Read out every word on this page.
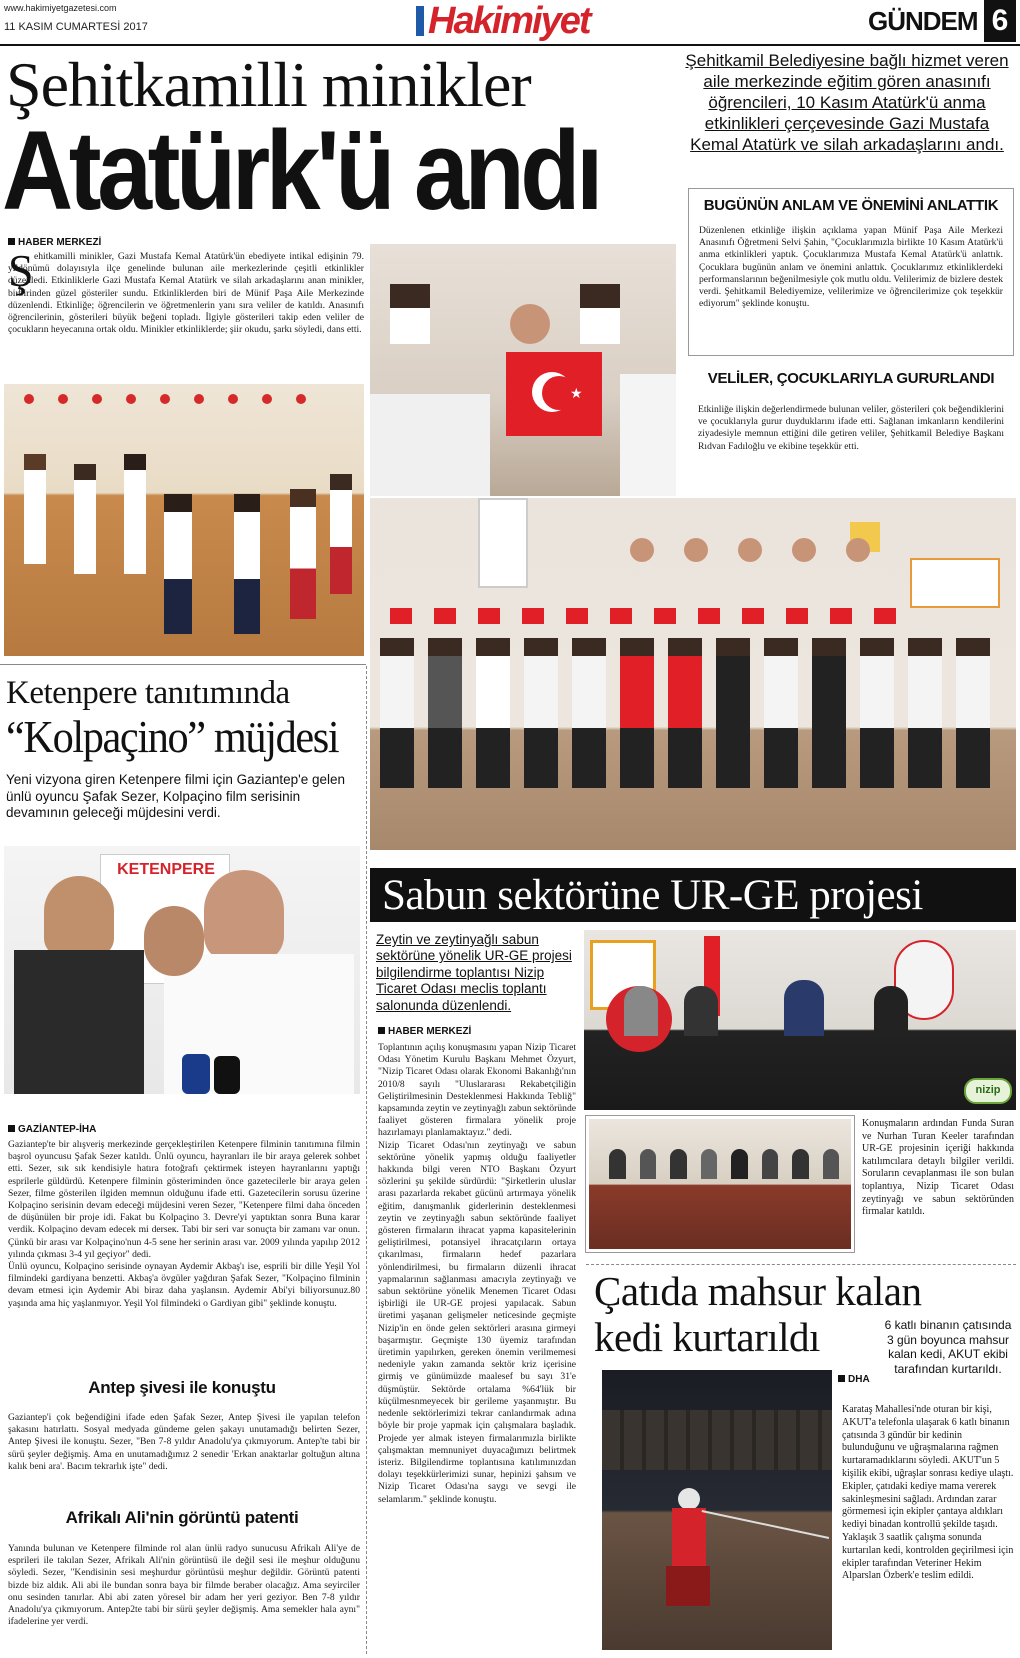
www.hakimiyetgazetesi.com
11 KASIM CUMARTESİ 2017	Hakimiyet	GÜNDEM 6
Şehitkamilli minikler
Atatürk'ü andı
Şehitkamil Belediyesine bağlı hizmet veren aile merkezinde eğitim gören anasınıfı öğrencileri, 10 Kasım Atatürk'ü anma etkinlikleri çerçevesinde Gazi Mustafa Kemal Atatürk ve silah arkadaşlarını andı.
BUGÜNÜN ANLAM VE ÖNEMİNİ ANLATTIK
Düzenlenen etkinliğe ilişkin açıklama yapan Münif Paşa Aile Merkezi Anasınıfı Öğretmeni Selvi Şahin, "Çocuklarımızla birlikte 10 Kasım Atatürk'ü anma etkinlikleri yaptık. Çocuklarımıza Mustafa Kemal Atatürk'ü anlattık. Çocuklara bugünün anlam ve önemini anlattık. Çocuklarımız etkinliklerdeki performanslarının beğenilmesiyle çok mutlu oldu. Velilerimiz de bizlere destek verdi. Şehitkamil Belediyemize, velilerimize ve öğrencilerimize çok teşekkür ediyorum" şeklinde konuştu.
VELİLER, ÇOCUKLARIYLA GURURLANDI
Etkinliğe ilişkin değerlendirmede bulunan veliler, gösterileri çok beğendiklerini ve çocuklarıyla gurur duyduklarını ifade etti. Sağlanan imkanların kendilerini ziyadesiyle memnun ettiğini dile getiren veliler, Şehitkamil Belediye Başkanı Rıdvan Fadıloğlu ve ekibine teşekkür etti.
HABER MERKEZİ
Ş ehitkamilli minikler, Gazi Mustafa Kemal Atatürk'ün ebediyete intikal edişinin 79. yıldönümü dolayısıyla ilçe genelinde bulunan aile merkezlerinde çeşitli etkinlikler düzenledi. Etkinliklerle Gazi Mustafa Kemal Atatürk ve silah arkadaşlarını anan minikler, birbirinden güzel gösteriler sundu. Etkinliklerden biri de Münif Paşa Aile Merkezinde düzenlendi. Etkinliğe; öğrencilerin ve öğretmenlerin yanı sıra veliler de katıldı. Anasınıfı öğrencilerinin, gösterileri büyük beğeni topladı. İlgiyle gösterileri takip eden veliler de çocukların heyecanına ortak oldu. Minikler etkinliklerde; şiir okudu, şarkı söyledi, dans etti.
★
Ketenpere tanıtımında
“Kolpaçino” müjdesi
Yeni vizyona giren Ketenpere filmi için Gaziantep'e gelen ünlü oyuncu Şafak Sezer, Kolpaçino film serisinin devamının geleceği müjdesini verdi.
KETENPERE
GAZİANTEP-İHA
Gaziantep'te bir alışveriş merkezinde gerçekleştirilen Ketenpere filminin tanıtımına filmin başrol oyuncusu Şafak Sezer katıldı. Ünlü oyuncu, hayranları ile bir araya gelerek sohbet etti. Sezer, sık sık kendisiyle hatıra fotoğrafı çektirmek isteyen hayranlarını yaptığı esprilerle güldürdü. Ketenpere filminin gösteriminden önce gazetecilerle bir araya gelen Sezer, filme gösterilen ilgiden memnun olduğunu ifade etti. Gazetecilerin sorusu üzerine Kolpaçino serisinin devam edeceği müjdesini veren Sezer, "Ketenpere filmi daha önceden de düşünülen bir proje idi. Fakat bu Kolpaçino 3. Devre'yi yaptıktan sonra Buna karar verdik. Kolpaçino devam edecek mi derseк. Tabi bir seri var sonuçta bir zamanı var onun. Çünkü bir arası var Kolpaçino'nun 4-5 sene her serinin arası var. 2009 yılında yapılıp 2012 yılında çıkması 3-4 yıl geçiyor" dedi.
Ünlü oyuncu, Kolpaçino serisinde oynayan Aydemir Akbaş'ı ise, esprili bir dille Yeşil Yol filmindeki gardiyana benzetti. Akbaş'a övgüler yağdıran Şafak Sezer, "Kolpaçino filminin devam etmesi için Aydemir Abi biraz daha yaşlansın. Aydemir Abi'yi biliyorsunuz.80 yaşında ama hiç yaşlanmıyor. Yeşil Yol filmindeki o Gardiyan gibi" şeklinde konuştu.
Antep şivesi ile konuştu
Gaziantep'i çok beğendiğini ifade eden Şafak Sezer, Antep Şivesi ile yapılan telefon şakasını hatırlattı. Sosyal medyada gündeme gelen şakayı unutamadığı belirten Sezer, Antep Şivesi ile konuştu. Sezer, "Ben 7-8 yıldır Anadolu'ya çıkmıyorum. Antep'te tabi bir sürü şeyler değişmiş. Ama en unutamadığımız 2 senedir 'Erkan anaktarlar goltuğun altına kalık beni ara'. Bacım tekrarlık işte" dedi.
Afrikalı Ali'nin görüntü patenti
Yanında bulunan ve Ketenpere filminde rol alan ünlü radyo sunucusu Afrikalı Ali'ye de esprileri ile takılan Sezer, Afrikalı Ali'nin görüntüsü ile değil sesi ile meşhur olduğunu söyledi. Sezer, "Kendisinin sesi meşhurdur görüntüsü meşhur değildir. Görüntü patenti bizde biz aldık. Ali abi ile bundan sonra baya bir filmde beraber olacağız. Ama seyirciler onu sesinden tanırlar. Abi abi zaten yöresel bir adam her yeri geziyor. Ben 7-8 yıldır Anadolu'ya çıkmıyorum. Antep2te tabi bir sürü şeyler değişmiş. Ama semekler hala aynı" ifadelerine yer verdi.
Sabun sektörüne UR-GE projesi
Zeytin ve zeytinyağlı sabun sektörüne yönelik UR-GE projesi bilgilendirme toplantısı Nizip Ticaret Odası meclis toplantı salonunda düzenlendi.
HABER MERKEZİ
Toplantının açılış konuşmasını yapan Nizip Ticaret Odası Yönetim Kurulu Başkanı Mehmet Özyurt, "Nizip Ticaret Odası olarak Ekonomi Bakanlığı'nın 2010/8 sayılı "Uluslararası Rekabetçiliğin Geliştirilmesinin Desteklenmesi Hakkında Tebliğ" kapsamında zeytin ve zeytinyağlı zabun sektöründe faaliyet gösteren firmalara yönelik proje hazırlamayı planlamaktayız." dedi.
Nizip Ticaret Odası'nın zeytinyağı ve sabun sektörüne yönelik yapmış olduğu faaliyetler hakkında bilgi veren NTO Başkanı Özyurt sözlerini şu şekilde sürdürdü: "Şirketlerin uluslar arası pazarlarda rekabet gücünü artırmaya yönelik eğitim, danışmanlık giderlerinin desteklenmesi zeytin ve zeytinyağlı sabun sektöründe faaliyet gösteren firmaların ihracat yapma kapasitelerinin geliştirilmesi, potansiyel ihracatçıların ortaya çıkarılması, firmaların hedef pazarlara yönlendirilmesi, bu firmaların düzenli ihracat yapmalarının sağlanması amacıyla zeytinyağı ve sabun sektörüne yönelik Menemen Ticaret Odası işbirliği ile UR-GE projesi yapılacak. Sabun üretimi yaşanan gelişmeler neticesinde geçmişte Nizip'in en önde gelen sektörleri arasına girmeyi başarmıştır. Geçmişte 130 üyemiz tarafından üretimin yapılırken, gereken önemin verilmemesi nedeniyle yakın zamanda sektör kriz içerisine girmiş ve günümüzde maalesef bu sayı 31'e düşmüştür. Sektörde ortalama %64'lük bir küçülmesnmeyecek bir gerileme yaşanmıştır. Bu nedenle sektörlerimizi tekrar canlandırmak adına böyle bir proje yapmak için çalışmalara başladık. Projede yer almak isteyen firmalarımızla birlikte çalışmaktan memnuniyet duyacağımızı belirtmek isteriz. Bilgilendirme toplantısına katılımınızdan dolayı teşekkürlerimizi sunar, hepinizi şahsım ve Nizip Ticaret Odası'na saygı ve sevgi ile selamlarım." şeklinde konuştu.
nizip
Konuşmaların ardından Funda Suran ve Nurhan Turan Keeler tarafından UR-GE projesinin içeriği hakkında katılımcılara detaylı bilgiler verildi. Soruların cevaplanması ile son bulan toplantıya, Nizip Ticaret Odası zeytinyağı ve sabun sektöründen firmalar katıldı.
Çatıda mahsur kalan
kedi kurtarıldı	6 katlı binanın çatısında 3 gün boyunca mahsur kalan kedi, AKUT ekibi tarafından kurtarıldı.
DHA
Karataş Mahallesi'nde oturan bir kişi, AKUT'a telefonla ulaşarak 6 katlı binanın çatısında 3 gündür bir kedinin bulunduğunu ve uğraşmalarına rağmen kurtaramadıklarını söyledi. AKUT'un 5 kişilik ekibi, uğraşlar sonrası kediye ulaştı. Ekipler, çatıdaki kediye mama vererek sakinleşmesini sağladı. Ardından zarar görmemesi için ekipler çantaya aldıkları kediyi binadan kontrollü şekilde taşıdı. Yaklaşık 3 saatlik çalışma sonunda kurtarılan kedi, kontrolden geçirilmesi için ekipler tarafından Veteriner Hekim Alparslan Özberk'e teslim edildi.
